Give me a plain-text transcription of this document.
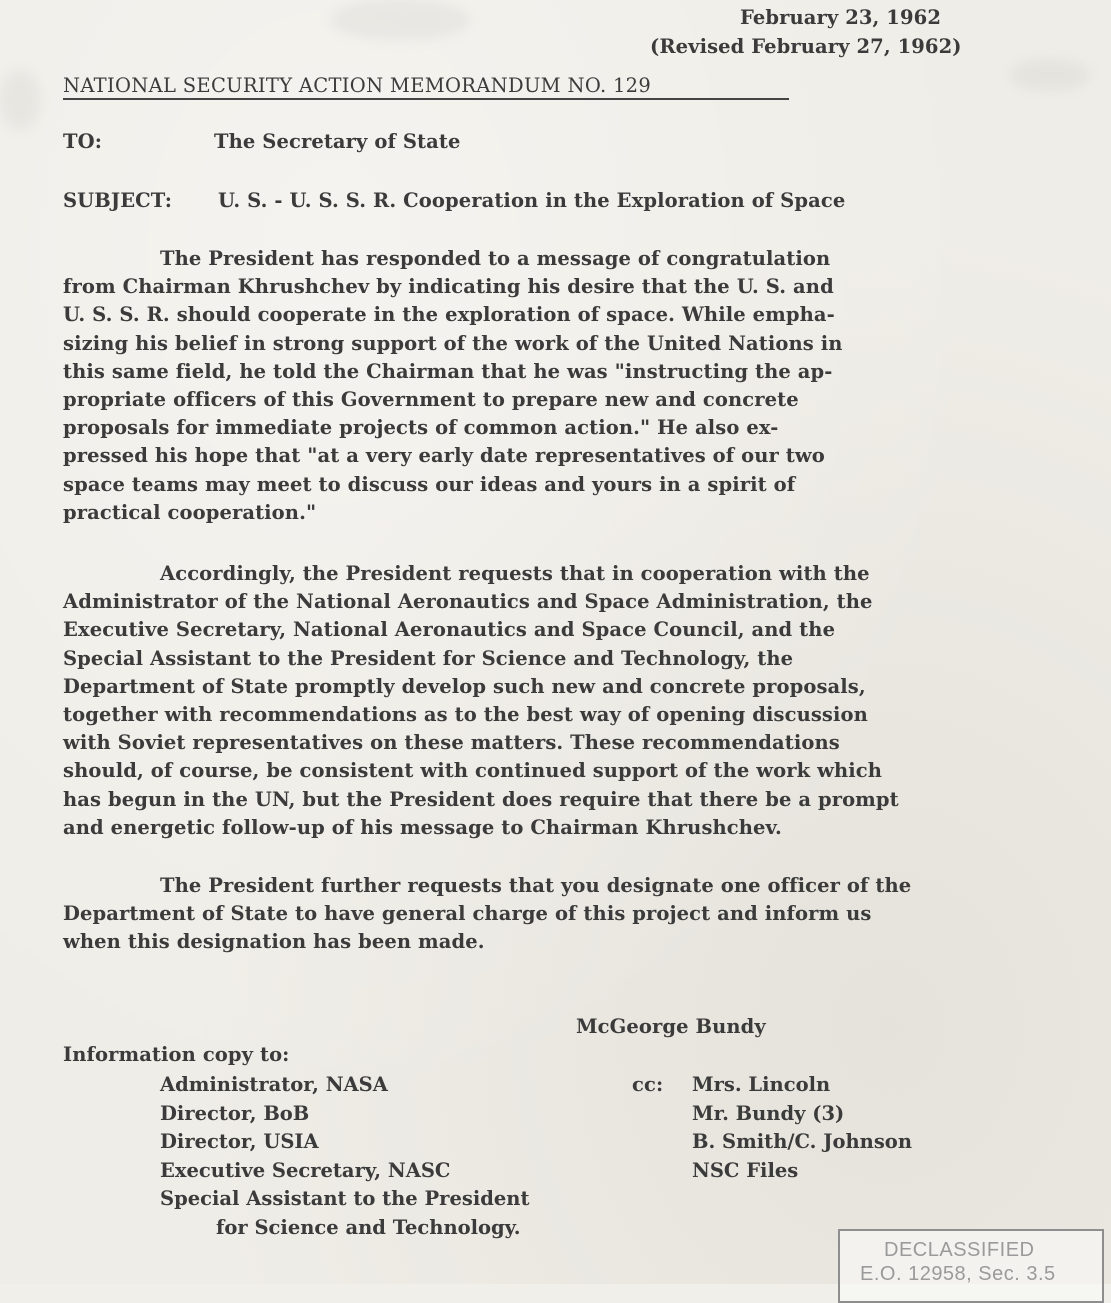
February 23, 1962
(Revised February 27, 1962)
NATIONAL SECURITY ACTION MEMORANDUM NO. 129
TO:	The Secretary of State
SUBJECT: U. S. - U. S. S. R. Cooperation in the Exploration of Space
The President has responded to a message of congratulation
from Chairman Khrushchev by indicating his desire that the U. S. and
U. S. S. R. should cooperate in the exploration of space. While empha-
sizing his belief in strong support of the work of the United Nations in
this same field, he told the Chairman that he was "instructing the ap-
propriate officers of this Government to prepare new and concrete
proposals for immediate projects of common action." He also ex-
pressed his hope that "at a very early date representatives of our two
space teams may meet to discuss our ideas and yours in a spirit of
practical cooperation."
Accordingly, the President requests that in cooperation with the
Administrator of the National Aeronautics and Space Administration, the
Executive Secretary, National Aeronautics and Space Council, and the
Special Assistant to the President for Science and Technology, the
Department of State promptly develop such new and concrete proposals,
together with recommendations as to the best way of opening discussion
with Soviet representatives on these matters. These recommendations
should, of course, be consistent with continued support of the work which
has begun in the UN, but the President does require that there be a prompt
and energetic follow-up of his message to Chairman Khrushchev.
The President further requests that you designate one officer of the
Department of State to have general charge of this project and inform us
when this designation has been made.
McGeorge Bundy
Information copy to:
Administrator, NASA
Director, BoB
Director, USIA
Executive Secretary, NASC
Special Assistant to the President
for Science and Technology.
cc: Mrs. Lincoln
Mr. Bundy (3)
B. Smith/C. Johnson
NSC Files
DECLASSIFIED
E.O. 12958, Sec. 3.5
